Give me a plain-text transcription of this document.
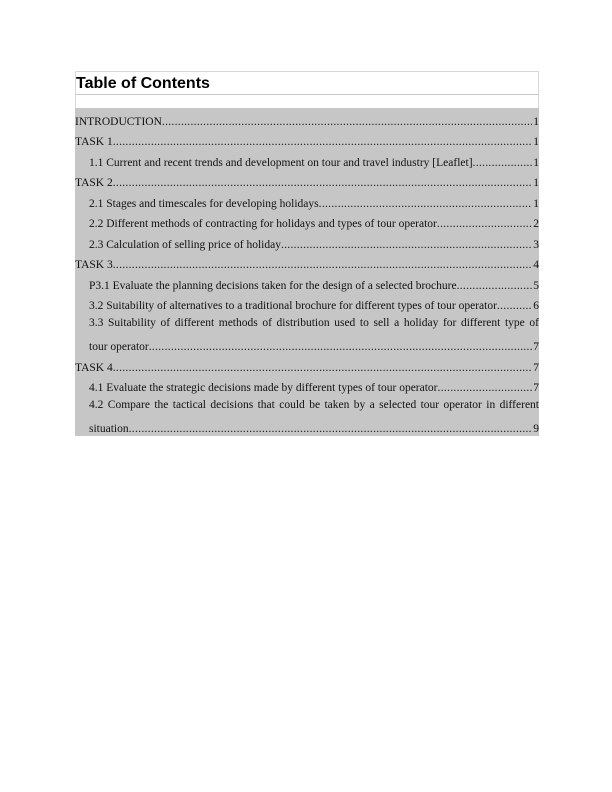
Table of Contents
INTRODUCTION .....	1
TASK 1 .....	1
1.1 Current and recent trends and development on tour and travel industry [Leaflet] .....	1
TASK 2 .....	1
2.1 Stages and timescales for developing holidays .....	1
2.2 Different methods of contracting for holidays and types of tour operator .....	2
2.3 Calculation of selling price of holiday .....	3
TASK 3 .....	4
P3.1 Evaluate the planning decisions taken for the design of a selected brochure .....	5
3.2 Suitability of alternatives to a traditional brochure for different types of tour operator .....	6
3.3 Suitability of different methods of distribution used to sell a holiday for different type of
tour operator .....	7
TASK 4 .....	7
4.1 Evaluate the strategic decisions made by different types of tour operator .....	7
4.2 Compare the tactical decisions that could be taken by a selected tour operator in different
situation .....	9
